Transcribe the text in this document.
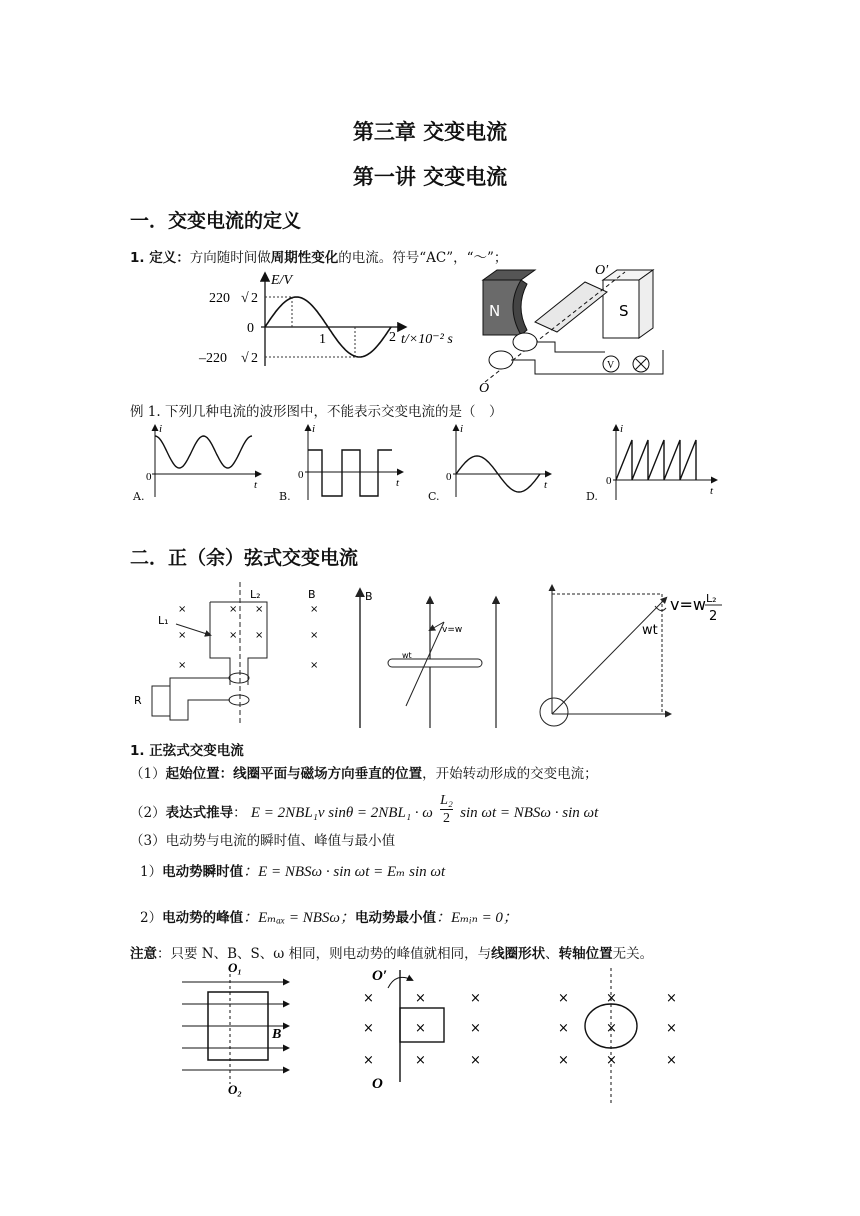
第三章 交变电流
第一讲 交变电流
一．交变电流的定义
1. 定义：方向随时间做周期性变化的电流。符号“AC”，“～”；
E/V
220 √ 2
0
–220 √ 2
1	2 t/×10⁻² s
N	S
O′
O
V
例 1. 下列几种电流的波形图中，不能表示交变电流的是（　）
i
0
t
i
0
t
i
0
t
i
0
t
A.	B.	C.	D.
二．正（余）弦式交变电流
R
L₂
L₁
×
×
×
×
×
×
×
×
×
×
B	B
wt
v=w	wt
v=w L₂
2
1. 正弦式交变电流
（1）起始位置：线圈平面与磁场方向垂直的位置，开始转动形成的交变电流；
（2）表达式推导： E = 2NBL₁v sinθ = 2NBL₁ · ω $\frac{\text{L₂}}{2}$ sin ωt = NBSω · sin ωt
（3）电动势与电流的瞬时值、峰值与最小值
1）电动势瞬时值：E = NBSω · sin ωt = Eₘ sin ωt
2）电动势的峰值：Eₘₐₓ = NBSω；电动势最小值：Eₘᵢₙ = 0；
注意：只要 N、B、S、ω 相同，则电动势的峰值就相同，与线圈形状、转轴位置无关。
O₁
O₂
B
O′
O
×	×	×
×	×	×
×	×	×
×	×	×
×	×	×
×	×	×
